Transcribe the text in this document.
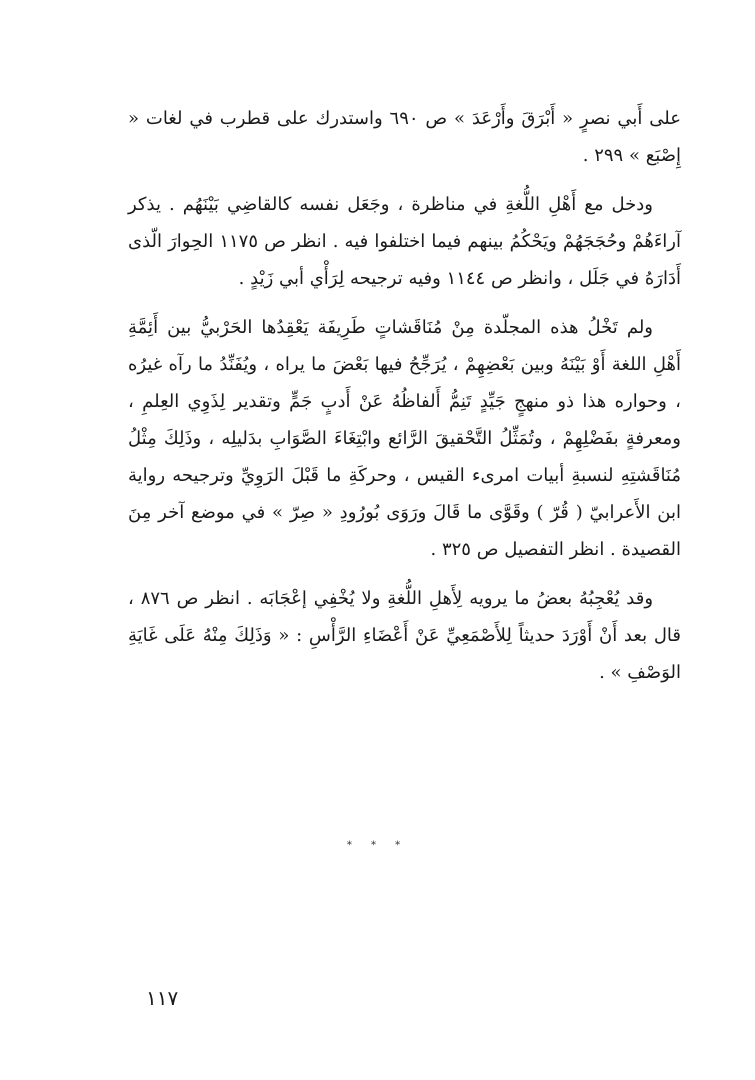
على أَبي نصرٍ « أَبْرَقَ وأَرْعَدَ » ص ٦٩٠ واستدرك على قطرب في لغات « إِصْبَع » ٢٩٩ .

ودخل مع أَهْلِ اللُّغةِ في مناظرة ، وجَعَل نفسه كالقاضِي بَيْنَهُم . يذكر آراءَهُمْ وحُجَجَهُمْ ويَحْكُمُ بينهم فيما اختلفوا فيه . انظر ص ١١٧٥ الحِوارَ الّذى أَدَارَهُ في جَلَل ، وانظر ص ١١٤٤ وفيه ترجيحه لِرَأْي أبي زَيْدٍ .

ولم تَخْلُ هذه المجلّدة مِنْ مُنَاقَشاتٍ طَرِيفَة يَعْقِدُها الحَرْبيُّ بين أَئِمَّةِ أَهْلِ اللغة أَوْ بَيْنَهُ وبين بَعْضِهِمْ ، يُرَجِّحُ فيها بَعْضَ ما يراه ، ويُفَنِّدُ ما رآه غيرُه ، وحواره هذا ذو منهجٍ جَيِّدٍ تَنِمُّ أَلفاظُهُ عَنْ أَدبٍ جَمٍّ وتقدير لِذَوِي العِلمِ ، ومعرفةٍ بفَضْلِهِمْ ، وتُمَثِّلُ التَّحْقيقَ الرَّائع وابْتِغَاءَ الصَّوَابِ بدَليلِه ، وذَلِكَ مِثْلُ مُنَاقَشتِهِ لنسبةِ أبيات امرىء القيس ، وحركَةِ ما قَبْلَ الرَوِيِّ وترجيحه رواية ابن الأَعرابيّ ( قُرّ ) وقَوَّى ما قَالَ ورَوَى بُورُودِ « صِرّ » في موضع آخر مِنَ القصيدة . انظر التفصيل ص ٣٢٥ .

وقد يُعْجِبُهُ بعضُ ما يرويه لِأَهلِ اللُّغةِ ولا يُخْفِي إعْجَابَه . انظر ص ٨٧٦ ، قال بعد أَنْ أَوْرَدَ حديثاً لِلأَصْمَعِيِّ عَنْ أَعْضَاءِ الرَّأْسِ : « وَذَلِكَ مِنْهُ عَلَى غَايَةِ الوَصْفِ » .

* * *
١١٧
